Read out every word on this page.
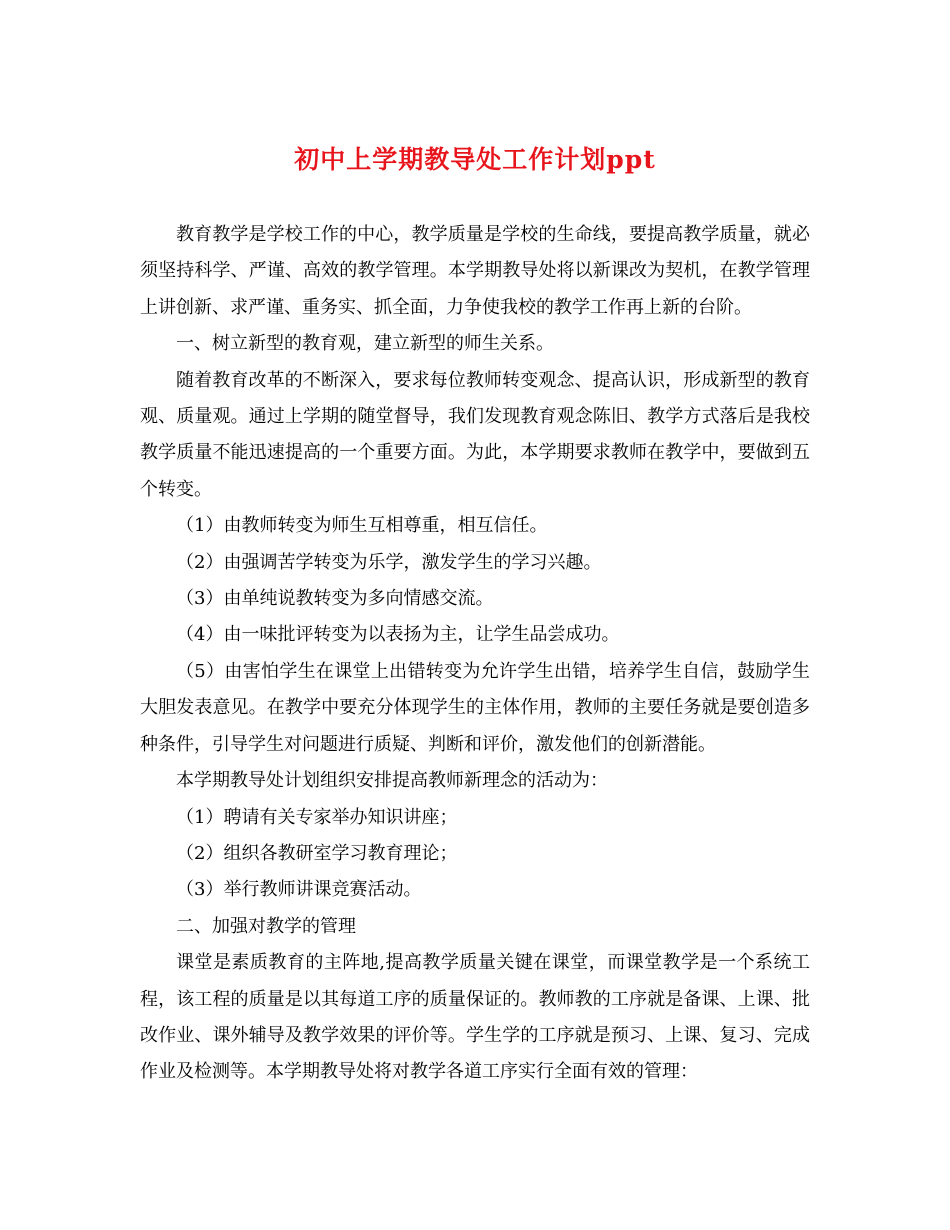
初中上学期教导处工作计划ppt

教育教学是学校工作的中心，教学质量是学校的生命线，要提高教学质量，就必须坚持科学、严谨、高效的教学管理。本学期教导处将以新课改为契机，在教学管理上讲创新、求严谨、重务实、抓全面，力争使我校的教学工作再上新的台阶。

一、树立新型的教育观，建立新型的师生关系。

随着教育改革的不断深入，要求每位教师转变观念、提高认识，形成新型的教育观、质量观。通过上学期的随堂督导，我们发现教育观念陈旧、教学方式落后是我校教学质量不能迅速提高的一个重要方面。为此，本学期要求教师在教学中，要做到五个转变。

（1）由教师转变为师生互相尊重，相互信任。

（2）由强调苦学转变为乐学，激发学生的学习兴趣。

（3）由单纯说教转变为多向情感交流。

（4）由一味批评转变为以表扬为主，让学生品尝成功。

（5）由害怕学生在课堂上出错转变为允许学生出错，培养学生自信，鼓励学生大胆发表意见。在教学中要充分体现学生的主体作用，教师的主要任务就是要创造多种条件，引导学生对问题进行质疑、判断和评价，激发他们的创新潜能。

本学期教导处计划组织安排提高教师新理念的活动为：

（1）聘请有关专家举办知识讲座；

（2）组织各教研室学习教育理论；

（3）举行教师讲课竞赛活动。

二、加强对教学的管理

课堂是素质教育的主阵地,提高教学质量关键在课堂，而课堂教学是一个系统工程，该工程的质量是以其每道工序的质量保证的。教师教的工序就是备课、上课、批改作业、课外辅导及教学效果的评价等。学生学的工序就是预习、上课、复习、完成作业及检测等。本学期教导处将对教学各道工序实行全面有效的管理：
